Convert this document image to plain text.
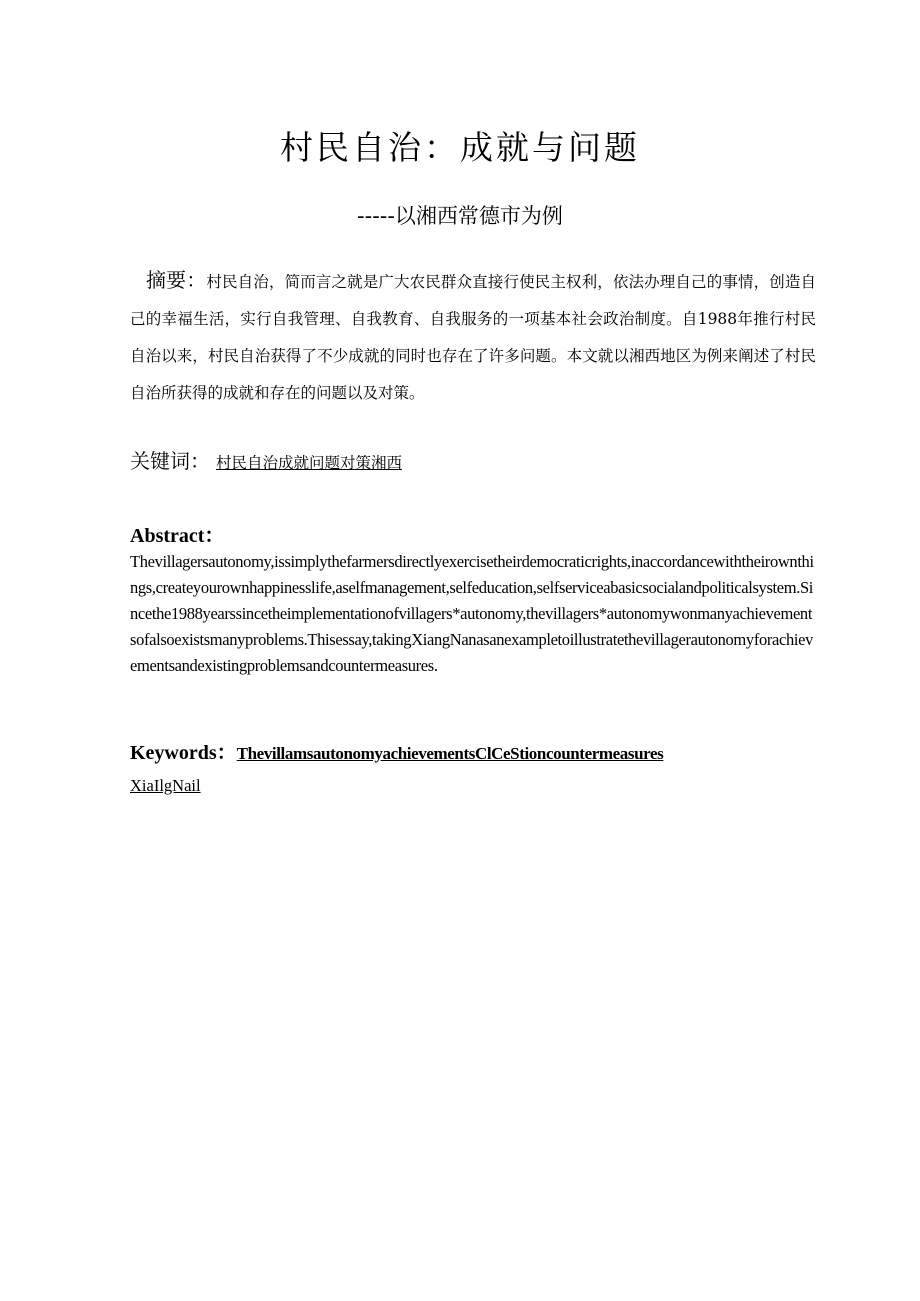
村民自治：成就与问题
-----以湘西常德市为例
摘要：村民自治，简而言之就是广大农民群众直接行使民主权利，依法办理自己的事情，创造自己的幸福生活，实行自我管理、自我教育、自我服务的一项基本社会政治制度。自1988年推行村民自治以来，村民自治获得了不少成就的同时也存在了许多问题。本文就以湘西地区为例来阐述了村民自治所获得的成就和存在的问题以及对策。
关键词： 村民自治成就问题对策湘西
Abstract：
Thevillagersautonomy,issimplythefarmersdirectlyexercisetheirdemocraticrights,inaccordancewiththeirownthings,createyourownhappinesslife,aselfmanagement,selfeducation,selfserviceabasicsocialandpoliticalsystem.Sincethe1988yearssincetheimplementationofvillagers*autonomy,thevillagers*autonomywonmanyachievementsofalsoexistsmanyproblems.Thisessay,takingXiangNanasanexampletoillustratethevillagerautonomyforachievementsandexistingproblemsandcountermeasures.
Keywords：ThevillamsautonomyachievementsClCeStioncountermeasures
XiaIlgNail
